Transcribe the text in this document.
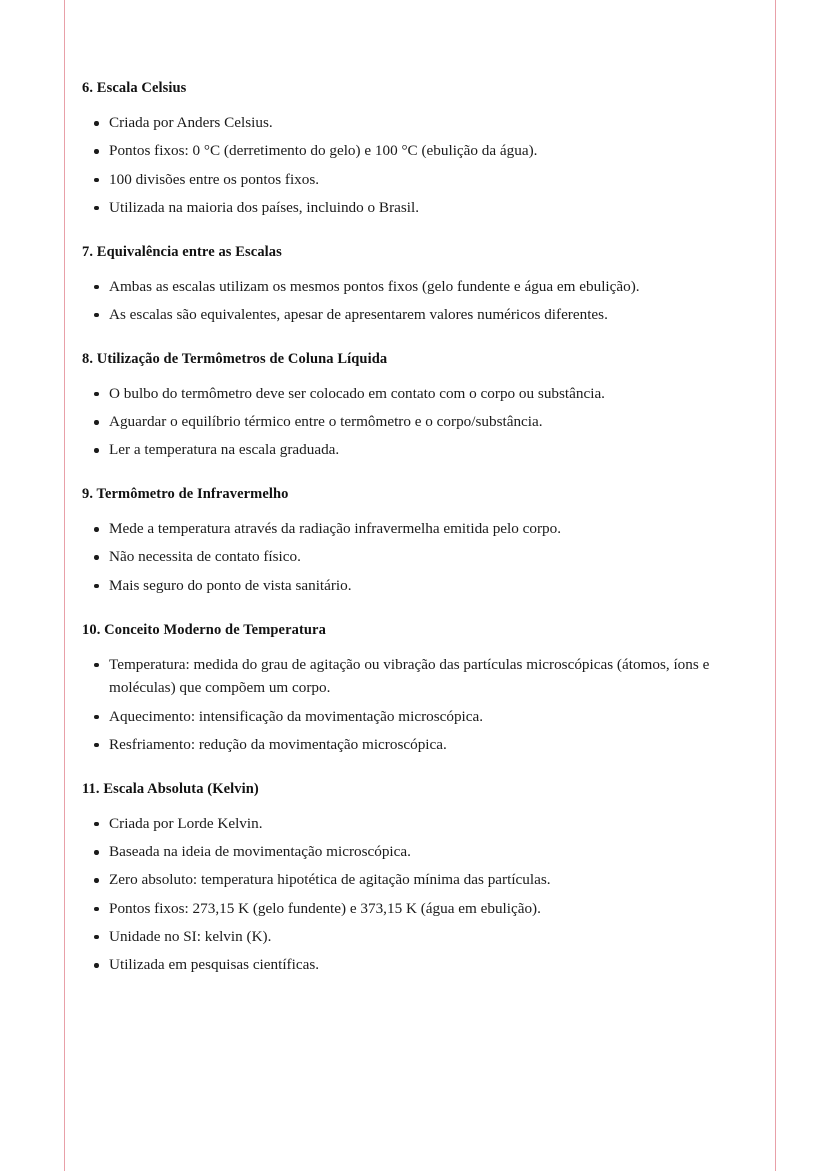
6. Escala Celsius
Criada por Anders Celsius.
Pontos fixos: 0 °C (derretimento do gelo) e 100 °C (ebulição da água).
100 divisões entre os pontos fixos.
Utilizada na maioria dos países, incluindo o Brasil.
7. Equivalência entre as Escalas
Ambas as escalas utilizam os mesmos pontos fixos (gelo fundente e água em ebulição).
As escalas são equivalentes, apesar de apresentarem valores numéricos diferentes.
8. Utilização de Termômetros de Coluna Líquida
O bulbo do termômetro deve ser colocado em contato com o corpo ou substância.
Aguardar o equilíbrio térmico entre o termômetro e o corpo/substância.
Ler a temperatura na escala graduada.
9. Termômetro de Infravermelho
Mede a temperatura através da radiação infravermelha emitida pelo corpo.
Não necessita de contato físico.
Mais seguro do ponto de vista sanitário.
10. Conceito Moderno de Temperatura
Temperatura: medida do grau de agitação ou vibração das partículas microscópicas (átomos, íons e moléculas) que compõem um corpo.
Aquecimento: intensificação da movimentação microscópica.
Resfriamento: redução da movimentação microscópica.
11. Escala Absoluta (Kelvin)
Criada por Lorde Kelvin.
Baseada na ideia de movimentação microscópica.
Zero absoluto: temperatura hipotética de agitação mínima das partículas.
Pontos fixos: 273,15 K (gelo fundente) e 373,15 K (água em ebulição).
Unidade no SI: kelvin (K).
Utilizada em pesquisas científicas.
